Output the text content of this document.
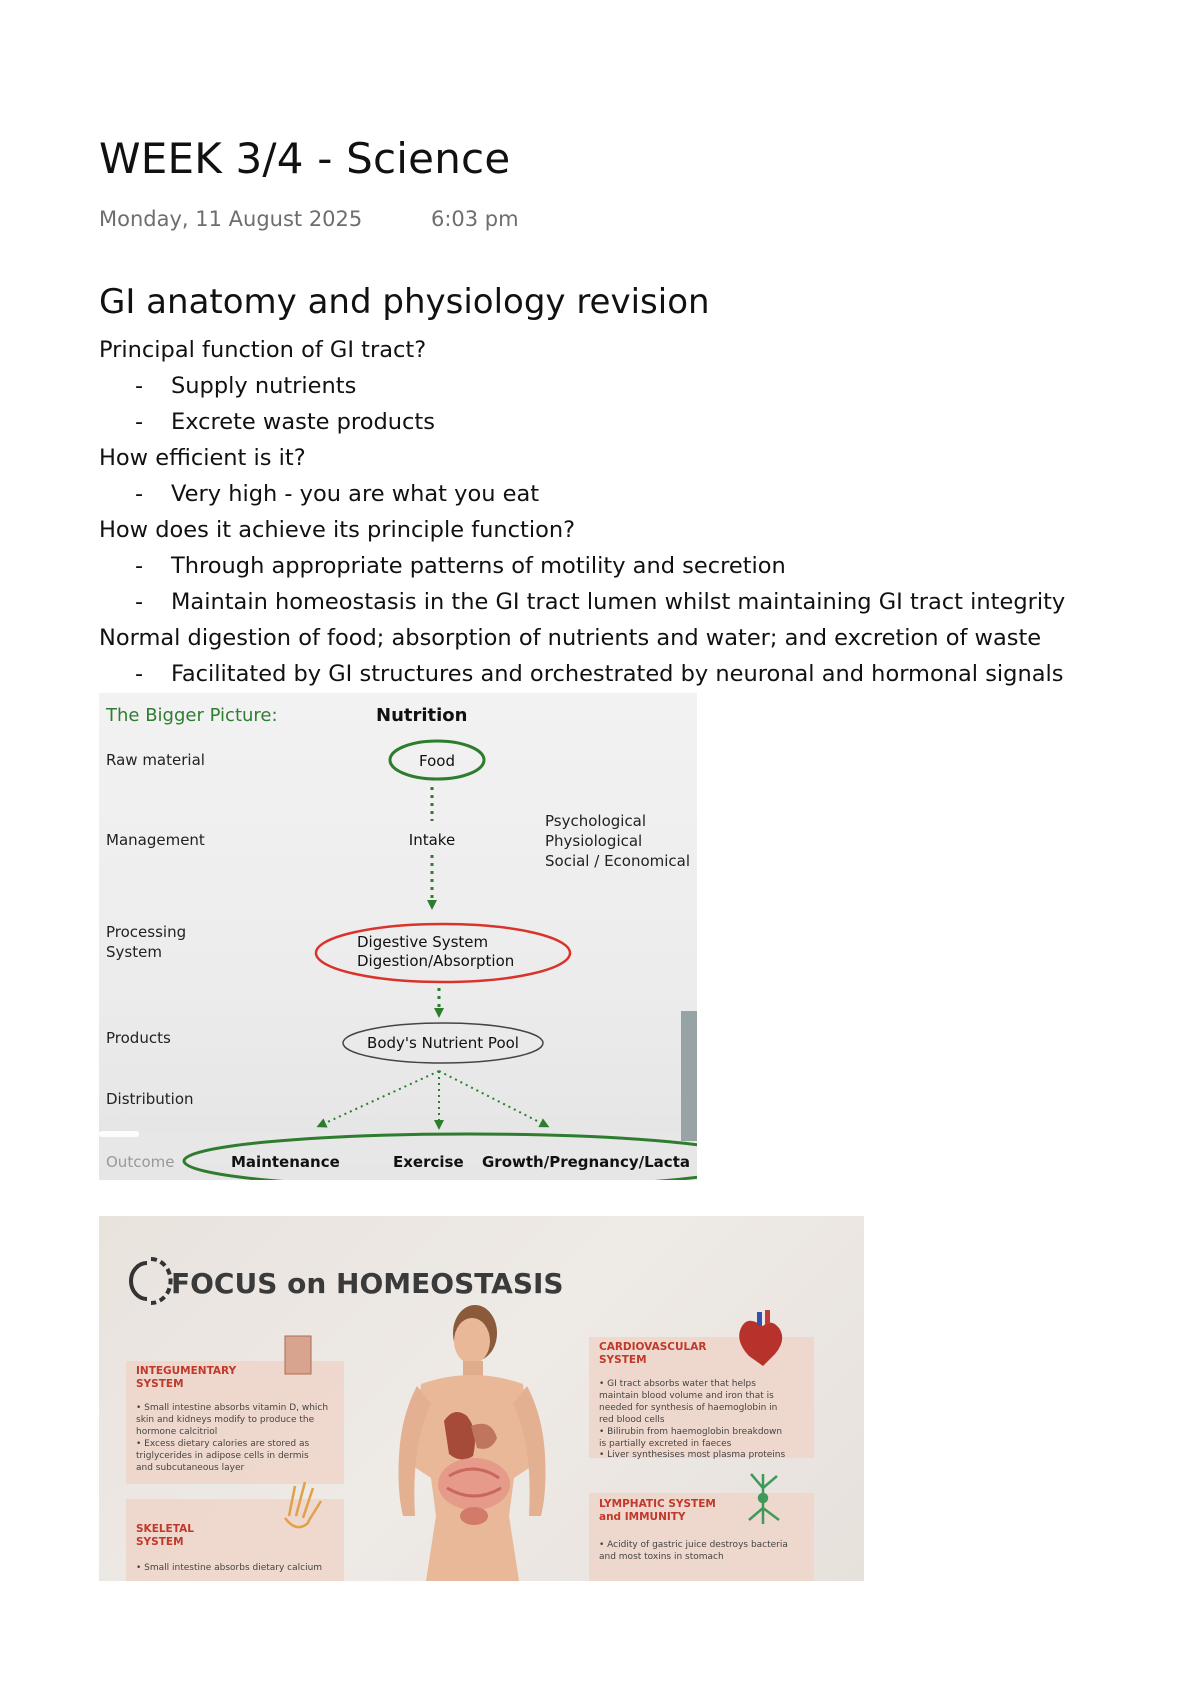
WEEK 3/4 - Science
Monday, 11 August 2025	6:03 pm
GI anatomy and physiology revision
Principal function of GI tract?
- Supply nutrients
- Excrete waste products
How efficient is it?
- Very high - you are what you eat
How does it achieve its principle function?
- Through appropriate patterns of motility and secretion
- Maintain homeostasis in the GI tract lumen whilst maintaining GI tract integrity
Normal digestion of food; absorption of nutrients and water; and excretion of waste
- Facilitated by GI structures and orchestrated by neuronal and hormonal signals
The Bigger Picture:	Nutrition
Raw material
Management
Processing
System
Products
Distribution
Food
Intake
Psychological
Physiological
Social / Economical
Digestive System
Digestion/Absorption
Body's Nutrient Pool
Maintenance	Exercise Growth/Pregnancy/Lacta
FOCUS on HOMEOSTASIS
INTEGUMENTARY
SYSTEM
• Small intestine absorbs vitamin D, which
skin and kidneys modify to produce the
hormone calcitriol
• Excess dietary calories are stored as
triglycerides in adipose cells in dermis
and subcutaneous layer
SKELETAL
SYSTEM
• Small intestine absorbs dietary calcium
CARDIOVASCULAR
SYSTEM
• GI tract absorbs water that helps
maintain blood volume and iron that is
needed for synthesis of haemoglobin in
red blood cells
• Bilirubin from haemoglobin breakdown
is partially excreted in faeces
• Liver synthesises most plasma proteins
LYMPHATIC SYSTEM
and IMMUNITY
• Acidity of gastric juice destroys bacteria
and most toxins in stomach
